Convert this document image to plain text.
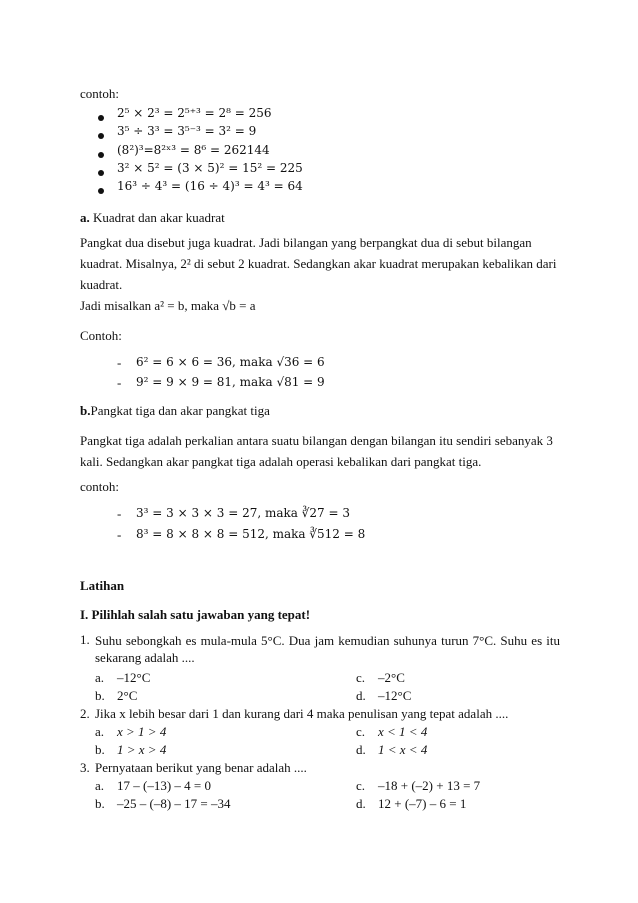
contoh:
2⁵ × 2³ = 2⁵⁺³ = 2⁸ = 256
3⁵ ÷ 3³ = 3⁵⁻³ = 3² = 9
(8²)³=8²ˣ³ = 8⁶ = 262144
3² × 5² = (3 × 5)² = 15² = 225
16³ ÷ 4³ = (16 ÷ 4)³ = 4³ = 64
a. Kuadrat dan akar kuadrat
Pangkat dua disebut juga kuadrat. Jadi bilangan yang berpangkat dua di sebut bilangan kuadrat. Misalnya, 2² di sebut 2 kuadrat. Sedangkan akar kuadrat merupakan kebalikan dari kuadrat.
Jadi misalkan a² = b, maka √b = a
Contoh:
- 6² = 6 × 6 = 36, maka √36 = 6
- 9² = 9 × 9 = 81, maka √81 = 9
b.Pangkat tiga dan akar pangkat tiga
Pangkat tiga adalah perkalian antara suatu bilangan dengan bilangan itu sendiri sebanyak 3 kali. Sedangkan akar pangkat tiga adalah operasi kebalikan dari pangkat tiga.
contoh:
- 3³ = 3 × 3 × 3 = 27, maka ∛27 = 3
- 8³ = 8 × 8 × 8 = 512, maka ∛512 = 8
Latihan
I. Pilihlah salah satu jawaban yang tepat!
1. Suhu sebongkah es mula-mula 5°C. Dua jam kemudian suhunya turun 7°C. Suhu es itu sekarang adalah ....
a. –12°C
b. 2°C
c. –2°C
d. –12°C
2. Jika x lebih besar dari 1 dan kurang dari 4 maka penulisan yang tepat adalah ....
a. x > 1 > 4
b. 1 > x > 4
c. x < 1 < 4
d. 1 < x < 4
3. Pernyataan berikut yang benar adalah ....
a. 17 – (–13) – 4 = 0
b. –25 – (–8) – 17 = –34
c. –18 + (–2) + 13 = 7
d. 12 + (–7) – 6 = 1
